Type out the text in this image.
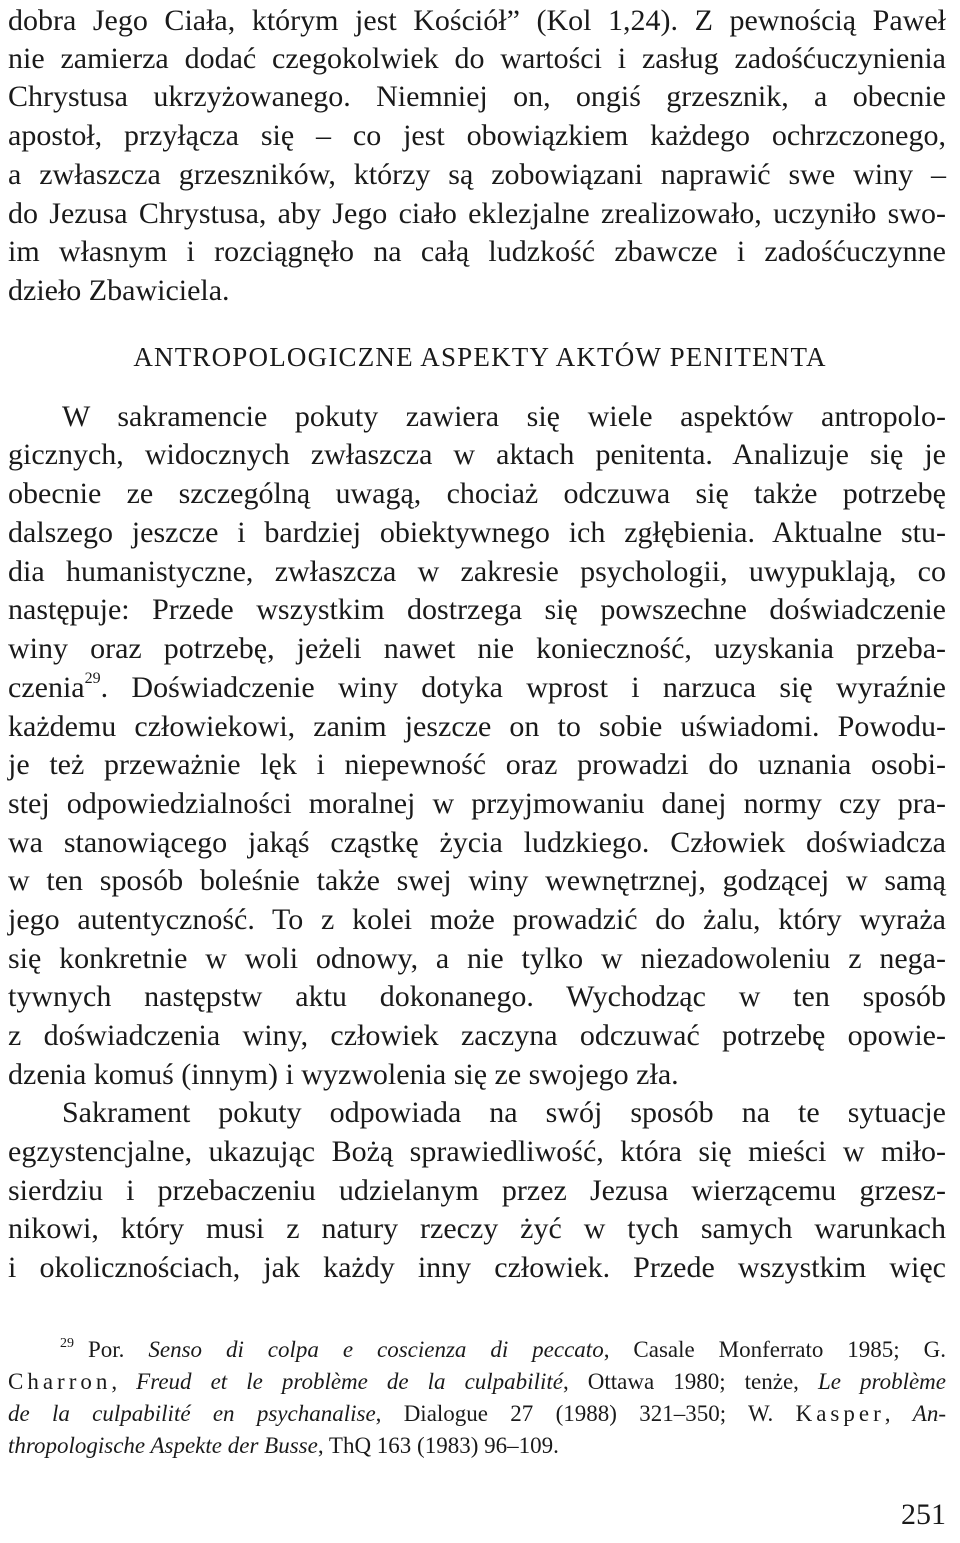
dobra Jego Ciała, którym jest Kościół” (Kol 1,24). Z pewnością Paweł
nie zamierza dodać czegokolwiek do wartości i zasług zadośćuczynienia
Chrystusa ukrzyżowanego. Niemniej on, ongiś grzesznik, a obecnie
apostoł, przyłącza się – co jest obowiązkiem każdego ochrzczonego,
a zwłaszcza grzeszników, którzy są zobowiązani naprawić swe winy –
do Jezusa Chrystusa, aby Jego ciało eklezjalne zrealizowało, uczyniło swo-
im własnym i rozciągnęło na całą ludzkość zbawcze i zadośćuczynne
dzieło Zbawiciela.
ANTROPOLOGICZNE ASPEKTY AKTÓW PENITENTA
W sakramencie pokuty zawiera się wiele aspektów antropolo-
gicznych, widocznych zwłaszcza w aktach penitenta. Analizuje się je
obecnie ze szczególną uwagą, chociaż odczuwa się także potrzebę
dalszego jeszcze i bardziej obiektywnego ich zgłębienia. Aktualne stu-
dia humanistyczne, zwłaszcza w zakresie psychologii, uwypuklają, co
następuje: Przede wszystkim dostrzega się powszechne doświadczenie
winy oraz potrzebę, jeżeli nawet nie konieczność, uzyskania przeba-
czenia$^{29}$. Doświadczenie winy dotyka wprost i narzuca się wyraźnie
każdemu człowiekowi, zanim jeszcze on to sobie uświadomi. Powodu-
je też przeważnie lęk i niepewność oraz prowadzi do uznania osobi-
stej odpowiedzialności moralnej w przyjmowaniu danej normy czy pra-
wa stanowiącego jakąś cząstkę życia ludzkiego. Człowiek doświadcza
w ten sposób boleśnie także swej winy wewnętrznej, godzącej w samą
jego autentyczność. To z kolei może prowadzić do żalu, który wyraża
się konkretnie w woli odnowy, a nie tylko w niezadowoleniu z nega-
tywnych następstw aktu dokonanego. Wychodząc w ten sposób
z doświadczenia winy, człowiek zaczyna odczuwać potrzebę opowie-
dzenia komuś (innym) i wyzwolenia się ze swojego zła.
Sakrament pokuty odpowiada na swój sposób na te sytuacje
egzystencjalne, ukazując Bożą sprawiedliwość, która się mieści w miło-
sierdziu i przebaczeniu udzielanym przez Jezusa wierzącemu grzesz-
nikowi, który musi z natury rzeczy żyć w tych samych warunkach
i okolicznościach, jak każdy inny człowiek. Przede wszystkim więc
$^{29}$ Por. Senso di colpa e coscienza di peccato, Casale Monferrato 1985; G.
Charron, Freud et le problème de la culpabilité, Ottawa 1980; tenże, Le problème
de la culpabilité en psychanalise, Dialogue 27 (1988) 321–350; W. Kasper, An-
thropologische Aspekte der Busse, ThQ 163 (1983) 96–109.
251
